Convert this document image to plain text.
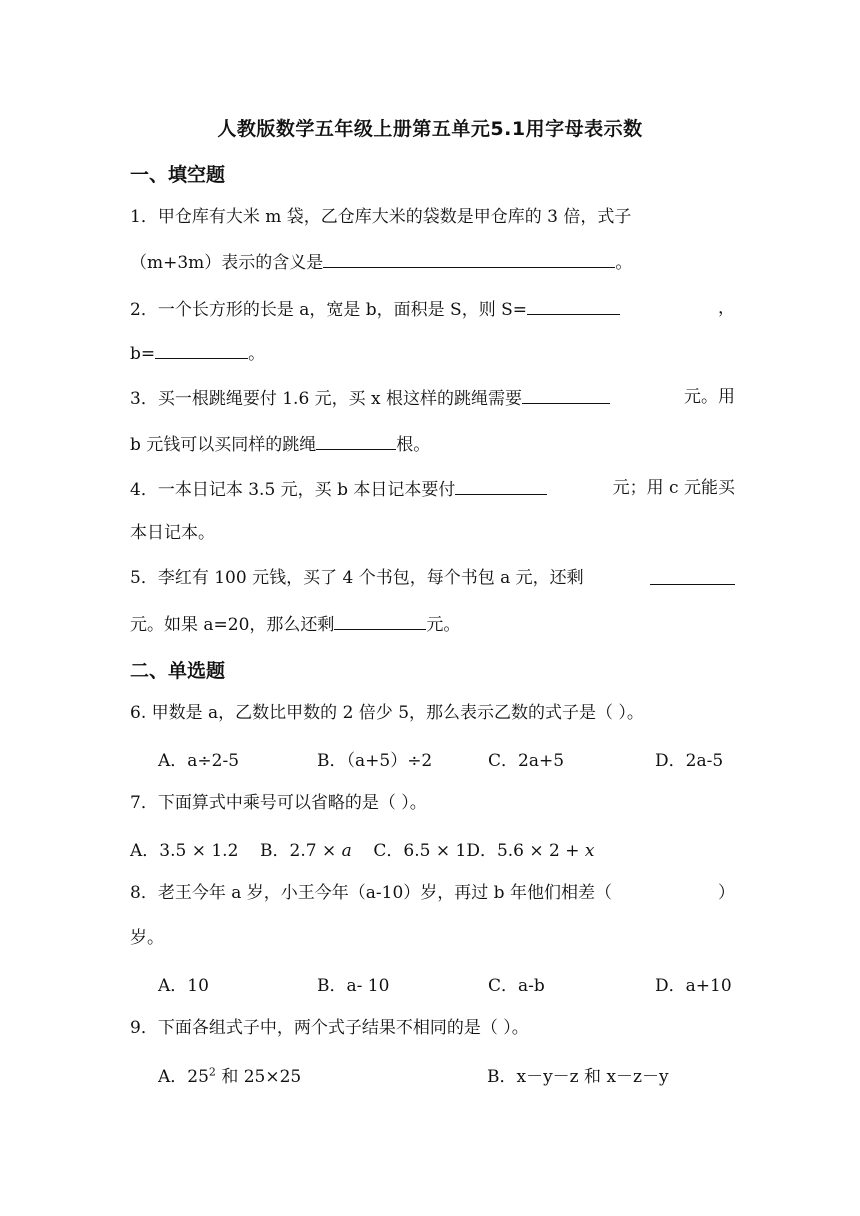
人教版数学五年级上册第五单元5.1用字母表示数
一、填空题
1．甲仓库有大米 m 袋，乙仓库大米的袋数是甲仓库的 3 倍，式子
（m+3m）表示的含义是	。
2．一个长方形的长是 a，宽是 b，面积是 S，则 S=	，
b=	。
3．买一根跳绳要付 1.6 元，买 x 根这样的跳绳需要	元。用
b 元钱可以买同样的跳绳	根。
4．一本日记本 3.5 元，买 b 本日记本要付	元；用 c 元能买
本日记本。
5．李红有 100 元钱，买了 4 个书包，每个书包 a 元，还剩
元。如果 a=20，那么还剩	元。
二、单选题
6. 甲数是 a，乙数比甲数的 2 倍少 5，那么表示乙数的式子是（ ）。
A．a÷2-5	B．（a+5）÷2	C．2a+5	D．2a-5
7．下面算式中乘号可以省略的是（ ）。
A．3.5 × 1.2 B．2.7 × a C．6.5 × 1D．5.6 × 2 + x
8．老王今年 a 岁，小王今年（a-10）岁，再过 b 年他们相差（	）
岁。
A．10	B．a- 10	C．a-b	D．a+10
9．下面各组式子中，两个式子结果不相同的是（ ）。
A．$25^2$ 和 25×25	B．x－y－z 和 x－z－y
